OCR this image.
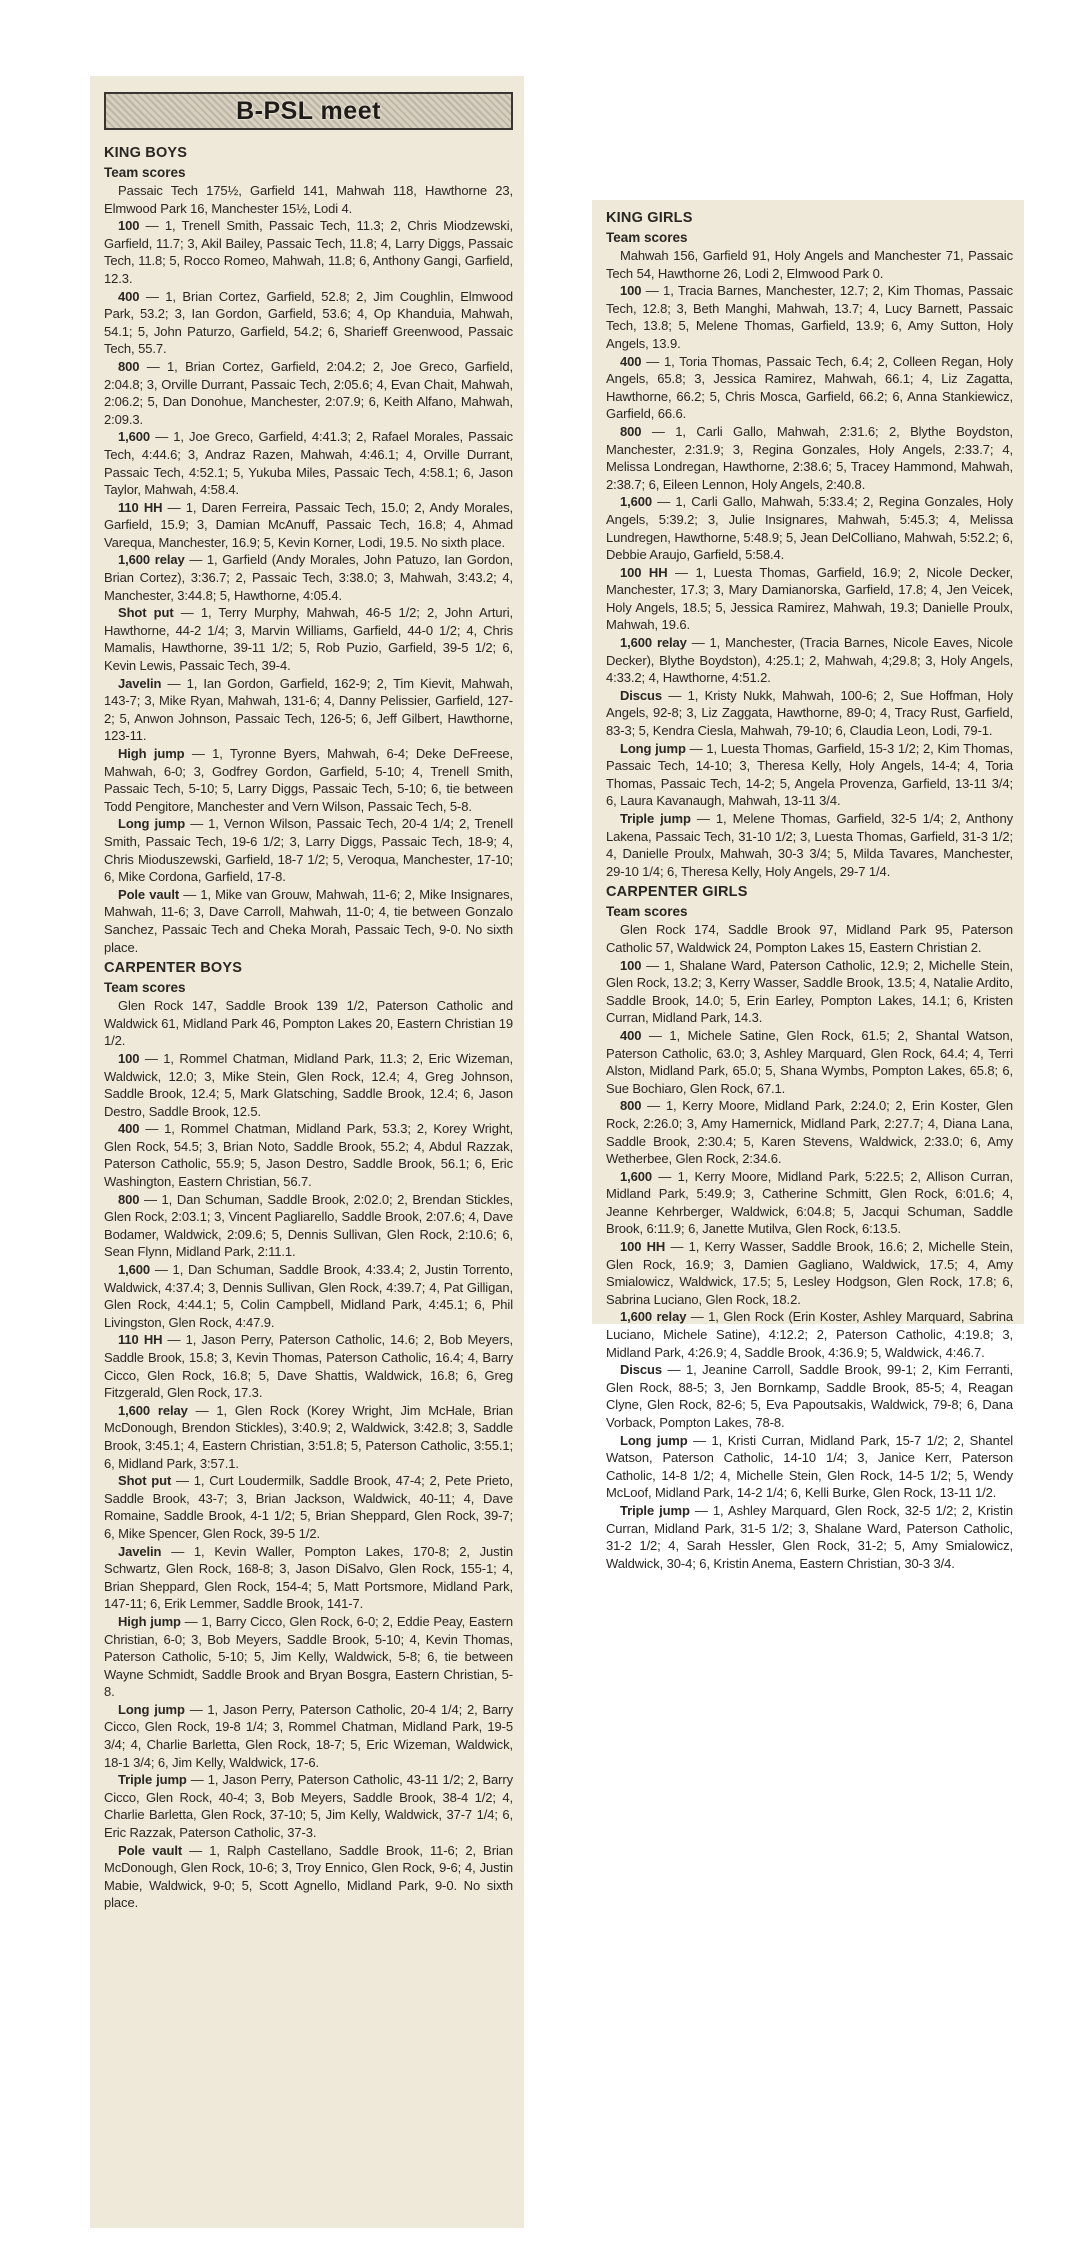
B-PSL meet
KING BOYS
Team scores

Passaic Tech 175½, Garfield 141, Mahwah 118, Hawthorne 23, Elmwood Park 16, Manchester 15½, Lodi 4.

100 — 1, Trenell Smith, Passaic Tech, 11.3; 2, Chris Miodzewski, Garfield, 11.7; 3, Akil Bailey, Passaic Tech, 11.8; 4, Larry Diggs, Passaic Tech, 11.8; 5, Rocco Romeo, Mahwah, 11.8; 6, Anthony Gangi, Garfield, 12.3.

400 — 1, Brian Cortez, Garfield, 52.8; 2, Jim Coughlin, Elmwood Park, 53.2; 3, Ian Gordon, Garfield, 53.6; 4, Op Khanduia, Mahwah, 54.1; 5, John Paturzo, Garfield, 54.2; 6, Sharieff Greenwood, Passaic Tech, 55.7.

800 — 1, Brian Cortez, Garfield, 2:04.2; 2, Joe Greco, Garfield, 2:04.8; 3, Orville Durrant, Passaic Tech, 2:05.6; 4, Evan Chait, Mahwah, 2:06.2; 5, Dan Donohue, Manchester, 2:07.9; 6, Keith Alfano, Mahwah, 2:09.3.

1,600 — 1, Joe Greco, Garfield, 4:41.3; 2, Rafael Morales, Passaic Tech, 4:44.6; 3, Andraz Razen, Mahwah, 4:46.1; 4, Orville Durrant, Passaic Tech, 4:52.1; 5, Yukuba Miles, Passaic Tech, 4:58.1; 6, Jason Taylor, Mahwah, 4:58.4.

110 HH — 1, Daren Ferreira, Passaic Tech, 15.0; 2, Andy Morales, Garfield, 15.9; 3, Damian McAnuff, Passaic Tech, 16.8; 4, Ahmad Varequa, Manchester, 16.9; 5, Kevin Korner, Lodi, 19.5. No sixth place.

1,600 relay — 1, Garfield (Andy Morales, John Patuzo, Ian Gordon, Brian Cortez), 3:36.7; 2, Passaic Tech, 3:38.0; 3, Mahwah, 3:43.2; 4, Manchester, 3:44.8; 5, Hawthorne, 4:05.4.

Shot put — 1, Terry Murphy, Mahwah, 46-5 1/2; 2, John Arturi, Hawthorne, 44-2 1/4; 3, Marvin Williams, Garfield, 44-0 1/2; 4, Chris Mamalis, Hawthorne, 39-11 1/2; 5, Rob Puzio, Garfield, 39-5 1/2; 6, Kevin Lewis, Passaic Tech, 39-4.

Javelin — 1, Ian Gordon, Garfield, 162-9; 2, Tim Kievit, Mahwah, 143-7; 3, Mike Ryan, Mahwah, 131-6; 4, Danny Pelissier, Garfield, 127-2; 5, Anwon Johnson, Passaic Tech, 126-5; 6, Jeff Gilbert, Hawthorne, 123-11.

High jump — 1, Tyronne Byers, Mahwah, 6-4; Deke DeFreese, Mahwah, 6-0; 3, Godfrey Gordon, Garfield, 5-10; 4, Trenell Smith, Passaic Tech, 5-10; 5, Larry Diggs, Passaic Tech, 5-10; 6, tie between Todd Pengitore, Manchester and Vern Wilson, Passaic Tech, 5-8.

Long jump — 1, Vernon Wilson, Passaic Tech, 20-4 1/4; 2, Trenell Smith, Passaic Tech, 19-6 1/2; 3, Larry Diggs, Passaic Tech, 18-9; 4, Chris Mioduszewski, Garfield, 18-7 1/2; 5, Veroqua, Manchester, 17-10; 6, Mike Cordona, Garfield, 17-8.

Pole vault — 1, Mike van Grouw, Mahwah, 11-6; 2, Mike Insignares, Mahwah, 11-6; 3, Dave Carroll, Mahwah, 11-0; 4, tie between Gonzalo Sanchez, Passaic Tech and Cheka Morah, Passaic Tech, 9-0. No sixth place.

CARPENTER BOYS
Team scores

Glen Rock 147, Saddle Brook 139 1/2, Paterson Catholic and Waldwick 61, Midland Park 46, Pompton Lakes 20, Eastern Christian 19 1/2.

100 — 1, Rommel Chatman, Midland Park, 11.3; 2, Eric Wizeman, Waldwick, 12.0; 3, Mike Stein, Glen Rock, 12.4; 4, Greg Johnson, Saddle Brook, 12.4; 5, Mark Glatsching, Saddle Brook, 12.4; 6, Jason Destro, Saddle Brook, 12.5.

400 — 1, Rommel Chatman, Midland Park, 53.3; 2, Korey Wright, Glen Rock, 54.5; 3, Brian Noto, Saddle Brook, 55.2; 4, Abdul Razzak, Paterson Catholic, 55.9; 5, Jason Destro, Saddle Brook, 56.1; 6, Eric Washington, Eastern Christian, 56.7.

800 — 1, Dan Schuman, Saddle Brook, 2:02.0; 2, Brendan Stickles, Glen Rock, 2:03.1; 3, Vincent Pagliarello, Saddle Brook, 2:07.6; 4, Dave Bodamer, Waldwick, 2:09.6; 5, Dennis Sullivan, Glen Rock, 2:10.6; 6, Sean Flynn, Midland Park, 2:11.1.

1,600 — 1, Dan Schuman, Saddle Brook, 4:33.4; 2, Justin Torrento, Waldwick, 4:37.4; 3, Dennis Sullivan, Glen Rock, 4:39.7; 4, Pat Gilligan, Glen Rock, 4:44.1; 5, Colin Campbell, Midland Park, 4:45.1; 6, Phil Livingston, Glen Rock, 4:47.9.

110 HH — 1, Jason Perry, Paterson Catholic, 14.6; 2, Bob Meyers, Saddle Brook, 15.8; 3, Kevin Thomas, Paterson Catholic, 16.4; 4, Barry Cicco, Glen Rock, 16.8; 5, Dave Shattis, Waldwick, 16.8; 6, Greg Fitzgerald, Glen Rock, 17.3.

1,600 relay — 1, Glen Rock (Korey Wright, Jim McHale, Brian McDonough, Brendon Stickles), 3:40.9; 2, Waldwick, 3:42.8; 3, Saddle Brook, 3:45.1; 4, Eastern Christian, 3:51.8; 5, Paterson Catholic, 3:55.1; 6, Midland Park, 3:57.1.

Shot put — 1, Curt Loudermilk, Saddle Brook, 47-4; 2, Pete Prieto, Saddle Brook, 43-7; 3, Brian Jackson, Waldwick, 40-11; 4, Dave Romaine, Saddle Brook, 4-1 1/2; 5, Brian Sheppard, Glen Rock, 39-7; 6, Mike Spencer, Glen Rock, 39-5 1/2.

Javelin — 1, Kevin Waller, Pompton Lakes, 170-8; 2, Justin Schwartz, Glen Rock, 168-8; 3, Jason DiSalvo, Glen Rock, 155-1; 4, Brian Sheppard, Glen Rock, 154-4; 5, Matt Portsmore, Midland Park, 147-11; 6, Erik Lemmer, Saddle Brook, 141-7.

High jump — 1, Barry Cicco, Glen Rock, 6-0; 2, Eddie Peay, Eastern Christian, 6-0; 3, Bob Meyers, Saddle Brook, 5-10; 4, Kevin Thomas, Paterson Catholic, 5-10; 5, Jim Kelly, Waldwick, 5-8; 6, tie between Wayne Schmidt, Saddle Brook and Bryan Bosgra, Eastern Christian, 5-8.

Long jump — 1, Jason Perry, Paterson Catholic, 20-4 1/4; 2, Barry Cicco, Glen Rock, 19-8 1/4; 3, Rommel Chatman, Midland Park, 19-5 3/4; 4, Charlie Barletta, Glen Rock, 18-7; 5, Eric Wizeman, Waldwick, 18-1 3/4; 6, Jim Kelly, Waldwick, 17-6.

Triple jump — 1, Jason Perry, Paterson Catholic, 43-11 1/2; 2, Barry Cicco, Glen Rock, 40-4; 3, Bob Meyers, Saddle Brook, 38-4 1/2; 4, Charlie Barletta, Glen Rock, 37-10; 5, Jim Kelly, Waldwick, 37-7 1/4; 6, Eric Razzak, Paterson Catholic, 37-3.

Pole vault — 1, Ralph Castellano, Saddle Brook, 11-6; 2, Brian McDonough, Glen Rock, 10-6; 3, Troy Ennico, Glen Rock, 9-6; 4, Justin Mabie, Waldwick, 9-0; 5, Scott Agnello, Midland Park, 9-0. No sixth place.

KING GIRLS
Team scores

Mahwah 156, Garfield 91, Holy Angels and Manchester 71, Passaic Tech 54, Hawthorne 26, Lodi 2, Elmwood Park 0.

100 — 1, Tracia Barnes, Manchester, 12.7; 2, Kim Thomas, Passaic Tech, 12.8; 3, Beth Manghi, Mahwah, 13.7; 4, Lucy Barnett, Passaic Tech, 13.8; 5, Melene Thomas, Garfield, 13.9; 6, Amy Sutton, Holy Angels, 13.9.

400 — 1, Toria Thomas, Passaic Tech, 6.4; 2, Colleen Regan, Holy Angels, 65.8; 3, Jessica Ramirez, Mahwah, 66.1; 4, Liz Zagatta, Hawthorne, 66.2; 5, Chris Mosca, Garfield, 66.2; 6, Anna Stankiewicz, Garfield, 66.6.

800 — 1, Carli Gallo, Mahwah, 2:31.6; 2, Blythe Boydston, Manchester, 2:31.9; 3, Regina Gonzales, Holy Angels, 2:33.7; 4, Melissa Londregan, Hawthorne, 2:38.6; 5, Tracey Hammond, Mahwah, 2:38.7; 6, Eileen Lennon, Holy Angels, 2:40.8.

1,600 — 1, Carli Gallo, Mahwah, 5:33.4; 2, Regina Gonzales, Holy Angels, 5:39.2; 3, Julie Insignares, Mahwah, 5:45.3; 4, Melissa Lundregen, Hawthorne, 5:48.9; 5, Jean DelColliano, Mahwah, 5:52.2; 6, Debbie Araujo, Garfield, 5:58.4.

100 HH — 1, Luesta Thomas, Garfield, 16.9; 2, Nicole Decker, Manchester, 17.3; 3, Mary Damianorska, Garfield, 17.8; 4, Jen Veicek, Holy Angels, 18.5; 5, Jessica Ramirez, Mahwah, 19.3; Danielle Proulx, Mahwah, 19.6.

1,600 relay — 1, Manchester, (Tracia Barnes, Nicole Eaves, Nicole Decker), Blythe Boydston), 4:25.1; 2, Mahwah, 4;29.8; 3, Holy Angels, 4:33.2; 4, Hawthorne, 4:51.2.

Discus — 1, Kristy Nukk, Mahwah, 100-6; 2, Sue Hoffman, Holy Angels, 92-8; 3, Liz Zaggata, Hawthorne, 89-0; 4, Tracy Rust, Garfield, 83-3; 5, Kendra Ciesla, Mahwah, 79-10; 6, Claudia Leon, Lodi, 79-1.

Long jump — 1, Luesta Thomas, Garfield, 15-3 1/2; 2, Kim Thomas, Passaic Tech, 14-10; 3, Theresa Kelly, Holy Angels, 14-4; 4, Toria Thomas, Passaic Tech, 14-2; 5, Angela Provenza, Garfield, 13-11 3/4; 6, Laura Kavanaugh, Mahwah, 13-11 3/4.

Triple jump — 1, Melene Thomas, Garfield, 32-5 1/4; 2, Anthony Lakena, Passaic Tech, 31-10 1/2; 3, Luesta Thomas, Garfield, 31-3 1/2; 4, Danielle Proulx, Mahwah, 30-3 3/4; 5, Milda Tavares, Manchester, 29-10 1/4; 6, Theresa Kelly, Holy Angels, 29-7 1/4.

CARPENTER GIRLS
Team scores

Glen Rock 174, Saddle Brook 97, Midland Park 95, Paterson Catholic 57, Waldwick 24, Pompton Lakes 15, Eastern Christian 2.

100 — 1, Shalane Ward, Paterson Catholic, 12.9; 2, Michelle Stein, Glen Rock, 13.2; 3, Kerry Wasser, Saddle Brook, 13.5; 4, Natalie Ardito, Saddle Brook, 14.0; 5, Erin Earley, Pompton Lakes, 14.1; 6, Kristen Curran, Midland Park, 14.3.

400 — 1, Michele Satine, Glen Rock, 61.5; 2, Shantal Watson, Paterson Catholic, 63.0; 3, Ashley Marquard, Glen Rock, 64.4; 4, Terri Alston, Midland Park, 65.0; 5, Shana Wymbs, Pompton Lakes, 65.8; 6, Sue Bochiaro, Glen Rock, 67.1.

800 — 1, Kerry Moore, Midland Park, 2:24.0; 2, Erin Koster, Glen Rock, 2:26.0; 3, Amy Hamernick, Midland Park, 2:27.7; 4, Diana Lana, Saddle Brook, 2:30.4; 5, Karen Stevens, Waldwick, 2:33.0; 6, Amy Wetherbee, Glen Rock, 2:34.6.

1,600 — 1, Kerry Moore, Midland Park, 5:22.5; 2, Allison Curran, Midland Park, 5:49.9; 3, Catherine Schmitt, Glen Rock, 6:01.6; 4, Jeanne Kehrberger, Waldwick, 6:04.8; 5, Jacqui Schuman, Saddle Brook, 6:11.9; 6, Janette Mutilva, Glen Rock, 6:13.5.

100 HH — 1, Kerry Wasser, Saddle Brook, 16.6; 2, Michelle Stein, Glen Rock, 16.9; 3, Damien Gagliano, Waldwick, 17.5; 4, Amy Smialowicz, Waldwick, 17.5; 5, Lesley Hodgson, Glen Rock, 17.8; 6, Sabrina Luciano, Glen Rock, 18.2.

1,600 relay — 1, Glen Rock (Erin Koster, Ashley Marquard, Sabrina Luciano, Michele Satine), 4:12.2; 2, Paterson Catholic, 4:19.8; 3, Midland Park, 4:26.9; 4, Saddle Brook, 4:36.9; 5, Waldwick, 4:46.7.

Discus — 1, Jeanine Carroll, Saddle Brook, 99-1; 2, Kim Ferranti, Glen Rock, 88-5; 3, Jen Bornkamp, Saddle Brook, 85-5; 4, Reagan Clyne, Glen Rock, 82-6; 5, Eva Papoutsakis, Waldwick, 79-8; 6, Dana Vorback, Pompton Lakes, 78-8.

Long jump — 1, Kristi Curran, Midland Park, 15-7 1/2; 2, Shantel Watson, Paterson Catholic, 14-10 1/4; 3, Janice Kerr, Paterson Catholic, 14-8 1/2; 4, Michelle Stein, Glen Rock, 14-5 1/2; 5, Wendy McLoof, Midland Park, 14-2 1/4; 6, Kelli Burke, Glen Rock, 13-11 1/2.

Triple jump — 1, Ashley Marquard, Glen Rock, 32-5 1/2; 2, Kristin Curran, Midland Park, 31-5 1/2; 3, Shalane Ward, Paterson Catholic, 31-2 1/2; 4, Sarah Hessler, Glen Rock, 31-2; 5, Amy Smialowicz, Waldwick, 30-4; 6, Kristin Anema, Eastern Christian, 30-3 3/4.
